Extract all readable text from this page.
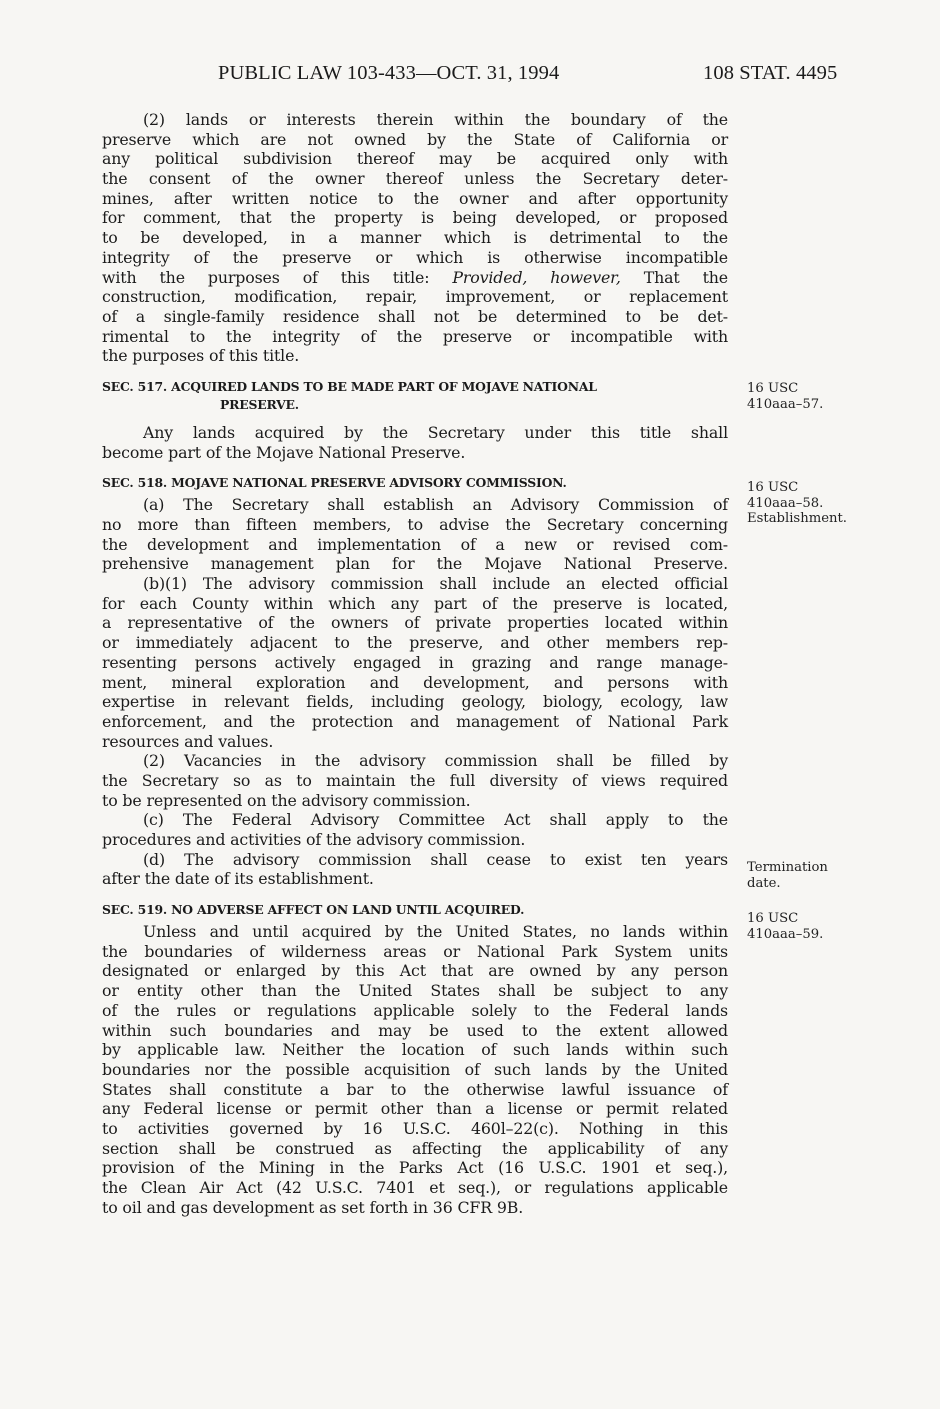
PUBLIC LAW 103-433—OCT. 31, 1994	108 STAT. 4495
(2) lands or interests therein within the boundary of the
preserve which are not owned by the State of California or
any political subdivision thereof may be acquired only with
the consent of the owner thereof unless the Secretary deter-
mines, after written notice to the owner and after opportunity
for comment, that the property is being developed, or proposed
to be developed, in a manner which is detrimental to the
integrity of the preserve or which is otherwise incompatible
with the purposes of this title: Provided, however, That the
construction, modification, repair, improvement, or replacement
of a single-family residence shall not be determined to be det-
rimental to the integrity of the preserve or incompatible with
the purposes of this title.
SEC. 517. ACQUIRED LANDS TO BE MADE PART OF MOJAVE NATIONAL
PRESERVE.
Any lands acquired by the Secretary under this title shall
become part of the Mojave National Preserve.
SEC. 518. MOJAVE NATIONAL PRESERVE ADVISORY COMMISSION.
(a) The Secretary shall establish an Advisory Commission of
no more than fifteen members, to advise the Secretary concerning
the development and implementation of a new or revised com-
prehensive management plan for the Mojave National Preserve.
(b)(1) The advisory commission shall include an elected official
for each County within which any part of the preserve is located,
a representative of the owners of private properties located within
or immediately adjacent to the preserve, and other members rep-
resenting persons actively engaged in grazing and range manage-
ment, mineral exploration and development, and persons with
expertise in relevant fields, including geology, biology, ecology, law
enforcement, and the protection and management of National Park
resources and values.
(2) Vacancies in the advisory commission shall be filled by
the Secretary so as to maintain the full diversity of views required
to be represented on the advisory commission.
(c) The Federal Advisory Committee Act shall apply to the
procedures and activities of the advisory commission.
(d) The advisory commission shall cease to exist ten years
after the date of its establishment.
SEC. 519. NO ADVERSE AFFECT ON LAND UNTIL ACQUIRED.
Unless and until acquired by the United States, no lands within
the boundaries of wilderness areas or National Park System units
designated or enlarged by this Act that are owned by any person
or entity other than the United States shall be subject to any
of the rules or regulations applicable solely to the Federal lands
within such boundaries and may be used to the extent allowed
by applicable law. Neither the location of such lands within such
boundaries nor the possible acquisition of such lands by the United
States shall constitute a bar to the otherwise lawful issuance of
any Federal license or permit other than a license or permit related
to activities governed by 16 U.S.C. 460l–22(c). Nothing in this
section shall be construed as affecting the applicability of any
provision of the Mining in the Parks Act (16 U.S.C. 1901 et seq.),
the Clean Air Act (42 U.S.C. 7401 et seq.), or regulations applicable
to oil and gas development as set forth in 36 CFR 9B.
16 USC
410aaa–57.
16 USC
410aaa–58.
Establishment.
Termination
date.
16 USC
410aaa–59.
